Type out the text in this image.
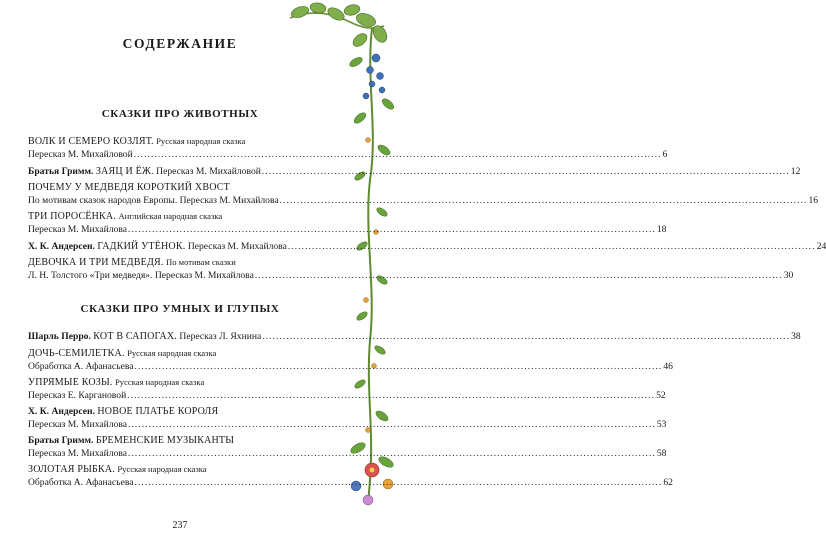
СОДЕРЖАНИЕ
СКАЗКИ ПРО ЖИВОТНЫХ
ВОЛК И СЕМЕРО КОЗЛЯТ. Русская народная сказка
Пересказ М. Михайловой .....	6
Братья Гримм. ЗАЯЦ И ЁЖ. Пересказ М. Михайловой .....	12
ПОЧЕМУ У МЕДВЕДЯ КОРОТКИЙ ХВОСТ
По мотивам сказок народов Европы. Пересказ М. Михайлова .....	16
ТРИ ПОРОСЁНКА. Английская народная сказка
Пересказ М. Михайлова .....	18
Х. К. Андерсен. ГАДКИЙ УТЁНОК. Пересказ М. Михайлова .....	24
ДЕВОЧКА И ТРИ МЕДВЕДЯ. По мотивам сказки
Л. Н. Толстого «Три медведя». Пересказ М. Михайлова .....	30
СКАЗКИ ПРО УМНЫХ И ГЛУПЫХ
Шарль Перро. КОТ В САПОГАХ. Пересказ Л. Яхнина .....	38
ДОЧЬ-СЕМИЛЕТКА. Русская народная сказка
Обработка А. Афанасьева .....	46
УПРЯМЫЕ КОЗЫ. Русская народная сказка
Пересказ Е. Каргановой .....	52
Х. К. Андерсен. НОВОЕ ПЛАТЬЕ КОРОЛЯ
Пересказ М. Михайлова .....	53
Братья Гримм. БРЕМЕНСКИЕ МУЗЫКАНТЫ
Пересказ М. Михайлова .....	58
ЗОЛОТАЯ РЫБКА. Русская народная сказка
Обработка А. Афанасьева .....	62
237
